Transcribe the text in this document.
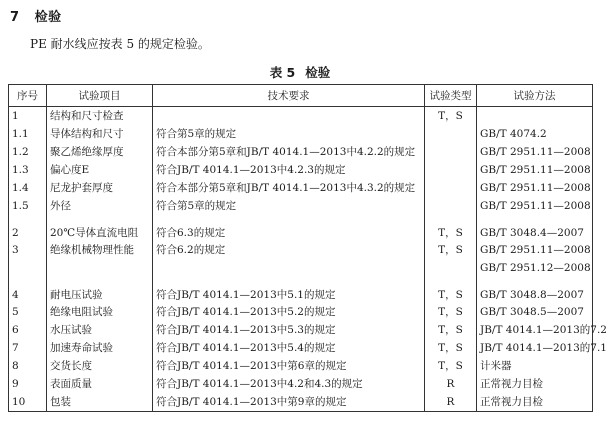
7 检验
PE 耐水线应按表 5 的规定检验。
表 5 检验
序号	试验项目	技术要求	试验类型	试验方法
1	结构和尺寸检查		T，S	
1.1	导体结构和尺寸	符合第5章的规定		GB/T 4074.2
1.2	聚乙烯绝缘厚度	符合本部分第5章和JB/T 4014.1—2013中4.2.2的规定		GB/T 2951.11—2008
1.3	偏心度E	符合JB/T 4014.1—2013中4.2.3的规定		GB/T 2951.11—2008
1.4	尼龙护套厚度	符合本部分第5章和JB/T 4014.1—2013中4.3.2的规定		GB/T 2951.11—2008
1.5	外径	符合第5章的规定		GB/T 2951.11—2008
2	20℃导体直流电阻	符合6.3的规定	T，S	GB/T 3048.4—2007
3	绝缘机械物理性能	符合6.2的规定	T，S	GB/T 2951.11—2008
				GB/T 2951.12—2008
4	耐电压试验	符合JB/T 4014.1—2013中5.1的规定	T，S	GB/T 3048.8—2007
5	绝缘电阻试验	符合JB/T 4014.1—2013中5.2的规定	T，S	GB/T 3048.5—2007
6	水压试验	符合JB/T 4014.1—2013中5.3的规定	T，S	JB/T 4014.1—2013的7.2
7	加速寿命试验	符合JB/T 4014.1—2013中5.4的规定	T，S	JB/T 4014.1—2013的7.1
8	交货长度	符合JB/T 4014.1—2013中第6章的规定	T，S	计米器
9	表面质量	符合JB/T 4014.1—2013中4.2和4.3的规定	R	正常视力目检
10	包装	符合JB/T 4014.1—2013中第9章的规定	R	正常视力目检
